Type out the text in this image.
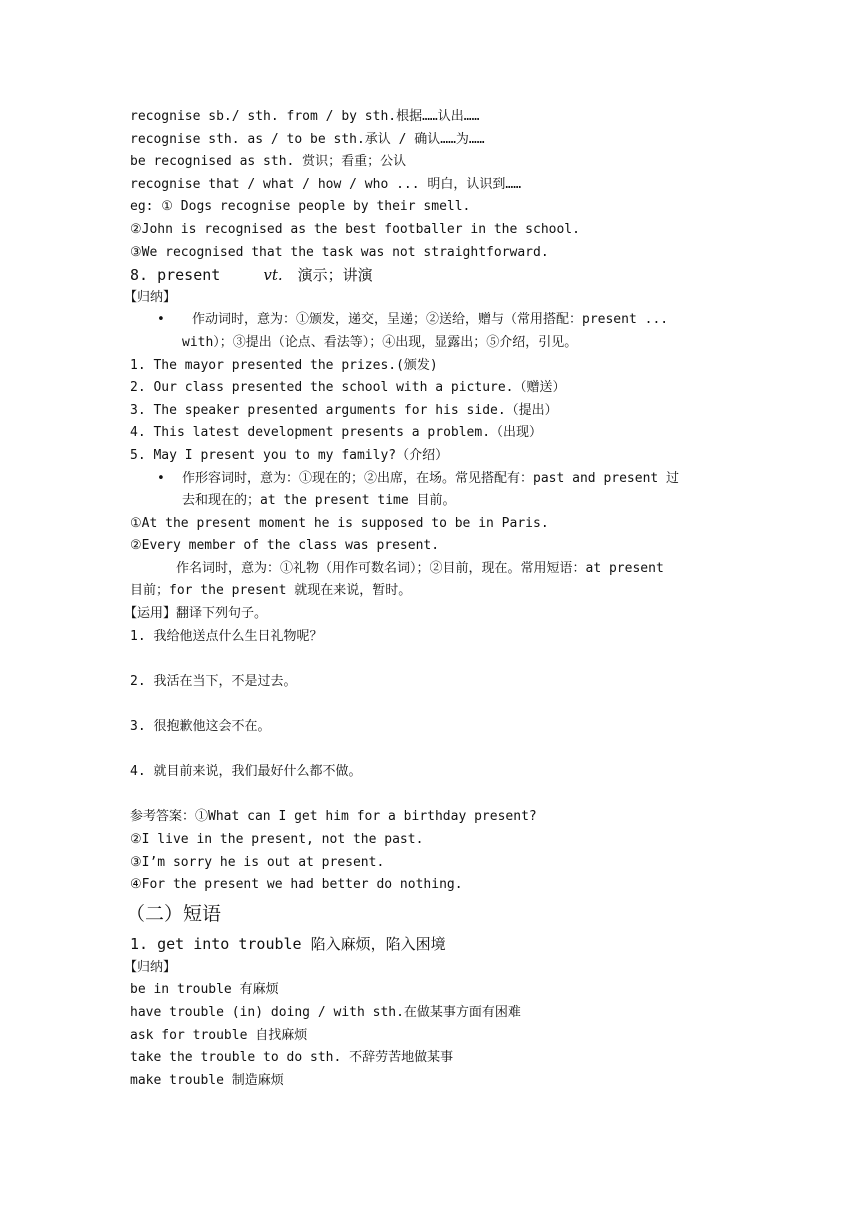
recognise sb./ sth. from / by sth.根据……认出……
recognise sth. as / to be sth.承认 / 确认……为……
be recognised as sth. 赏识；看重；公认
recognise that / what / how / who ... 明白，认识到……
eg: ① Dogs recognise people by their smell.
②John is recognised as the best footballer in the school.
③We recognised that the task was not straightforward.
8. present	vt. 演示；讲演
【归纳】
• 作动词时，意为：①颁发，递交，呈递；②送给，赠与（常用搭配：present ...
with）；③提出（论点、看法等）；④出现，显露出；⑤介绍，引见。
1. The mayor presented the prizes.(颁发)
2. Our class presented the school with a picture.（赠送）
3. The speaker presented arguments for his side.（提出）
4. This latest development presents a problem.（出现）
5. May I present you to my family?（介绍）
• 作形容词时，意为：①现在的；②出席，在场。常见搭配有：past and present 过
去和现在的；at the present time 目前。
①At the present moment he is supposed to be in Paris.
②Every member of the class was present.
作名词时，意为：①礼物（用作可数名词）；②目前，现在。常用短语：at present
目前；for the present 就现在来说，暂时。
【运用】翻译下列句子。
1. 我给他送点什么生日礼物呢？
2. 我活在当下，不是过去。
3. 很抱歉他这会不在。
4. 就目前来说，我们最好什么都不做。
参考答案：①What can I get him for a birthday present?
②I live in the present, not the past.
③I’m sorry he is out at present.
④For the present we had better do nothing.
（二）短语
1. get into trouble 陷入麻烦，陷入困境
【归纳】
be in trouble 有麻烦
have trouble (in) doing / with sth.在做某事方面有困难
ask for trouble 自找麻烦
take the trouble to do sth. 不辞劳苦地做某事
make trouble 制造麻烦
